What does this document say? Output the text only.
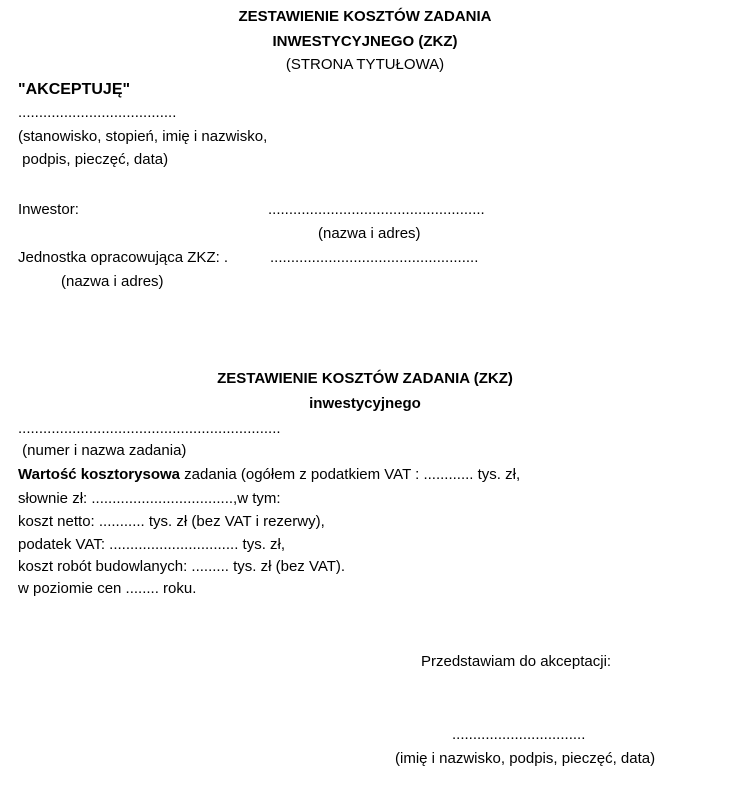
ZESTAWIENIE KOSZTÓW ZADANIA
INWESTYCYJNEGO (ZKZ)
(STRONA TYTUŁOWA)
"AKCEPTUJĘ"
......................................
(stanowisko, stopień, imię i nazwisko,
podpis, pieczęć, data)
Inwestor:	....................................................
(nazwa i adres)
Jednostka opracowująca ZKZ: .	..................................................
(nazwa i adres)
ZESTAWIENIE KOSZTÓW ZADANIA (ZKZ)
inwestycyjnego
...............................................................
(numer i nazwa zadania)
Wartość kosztorysowa zadania (ogółem z podatkiem VAT : ............ tys. zł,
słownie zł: ..................................,w tym:
koszt netto: ........... tys. zł (bez VAT i rezerwy),
podatek VAT: ............................... tys. zł,
koszt robót budowlanych: ......... tys. zł (bez VAT).
w poziomie cen ........ roku.
Przedstawiam do akceptacji:
................................
(imię i nazwisko, podpis, pieczęć, data)
